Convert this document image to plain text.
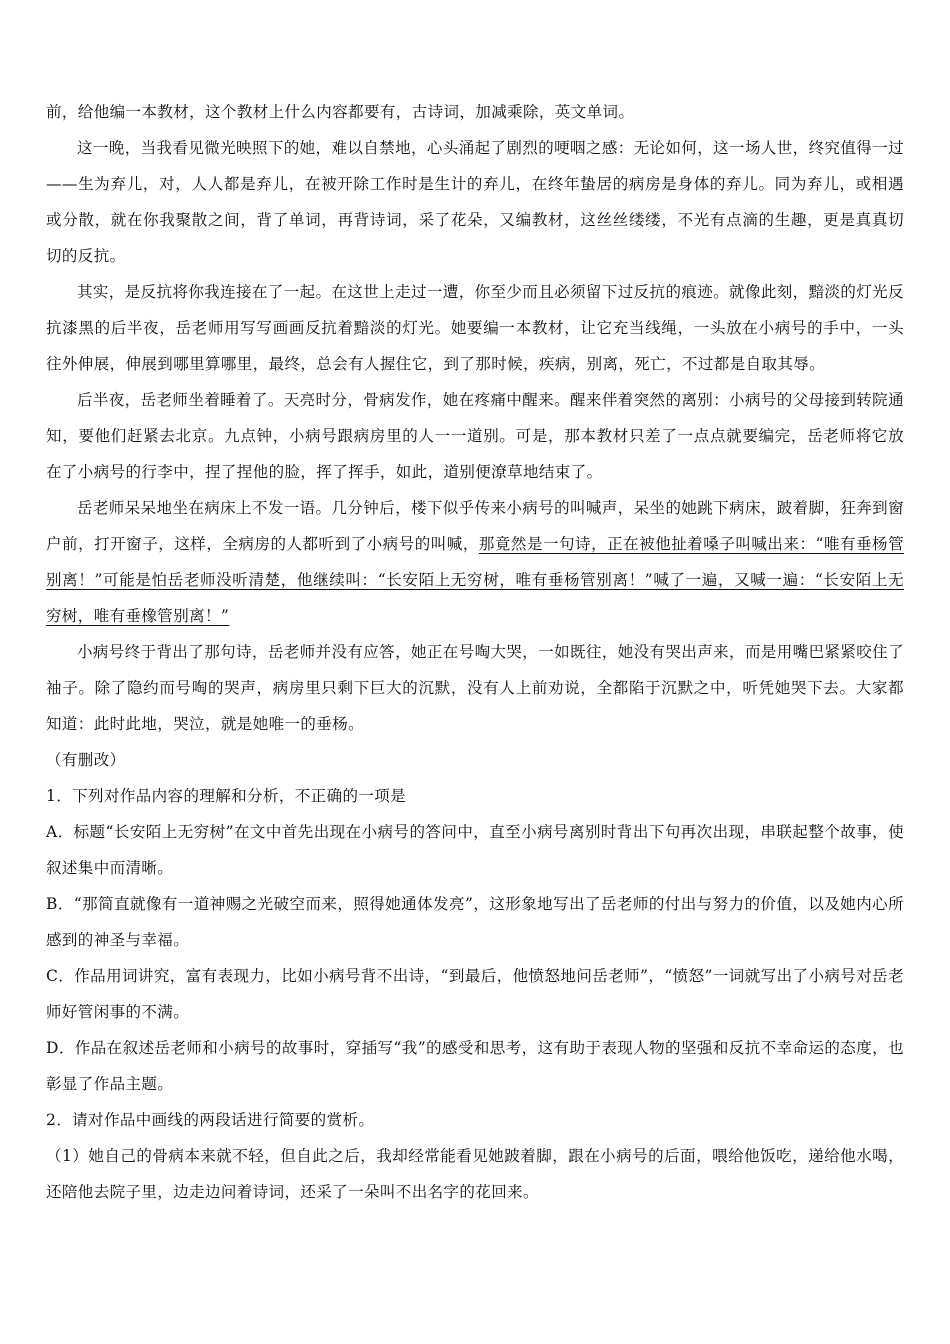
前，给他编一本教材，这个教材上什么内容都要有，古诗词，加减乘除，英文单词。

这一晚，当我看见微光映照下的她，难以自禁地，心头涌起了剧烈的哽咽之感：无论如何，这一场人世，终究值得一过——生为弃儿，对，人人都是弃儿，在被开除工作时是生计的弃儿，在终年蛰居的病房是身体的弃儿。同为弃儿，或相遇或分散，就在你我聚散之间，背了单词，再背诗词，采了花朵，又编教材，这丝丝缕缕，不光有点滴的生趣，更是真真切切的反抗。

其实，是反抗将你我连接在了一起。在这世上走过一遭，你至少而且必须留下过反抗的痕迹。就像此刻，黯淡的灯光反抗漆黑的后半夜，岳老师用写写画画反抗着黯淡的灯光。她要编一本教材，让它充当线绳，一头放在小病号的手中，一头往外伸展，伸展到哪里算哪里，最终，总会有人握住它，到了那时候，疾病，别离，死亡，不过都是自取其辱。

后半夜，岳老师坐着睡着了。天亮时分，骨病发作，她在疼痛中醒来。醒来伴着突然的离别：小病号的父母接到转院通知，要他们赶紧去北京。九点钟，小病号跟病房里的人一一道别。可是，那本教材只差了一点点就要编完，岳老师将它放在了小病号的行李中，捏了捏他的脸，挥了挥手，如此，道别便潦草地结束了。

岳老师呆呆地坐在病床上不发一语。几分钟后，楼下似乎传来小病号的叫喊声，呆坐的她跳下病床，跛着脚，狂奔到窗户前，打开窗子，这样，全病房的人都听到了小病号的叫喊，那竟然是一句诗，正在被他扯着嗓子叫喊出来：“唯有垂杨管别离！”可能是怕岳老师没听清楚，他继续叫：“长安陌上无穷树，唯有垂杨管别离！”喊了一遍，又喊一遍：“长安陌上无穷树，唯有垂橡管别离！”

小病号终于背出了那句诗，岳老师并没有应答，她正在号啕大哭，一如既往，她没有哭出声来，而是用嘴巴紧紧咬住了袖子。除了隐约而号啕的哭声，病房里只剩下巨大的沉默，没有人上前劝说，全都陷于沉默之中，听凭她哭下去。大家都知道：此时此地，哭泣，就是她唯一的垂杨。

（有删改）

1．下列对作品内容的理解和分析，不正确的一项是

A．标题“长安陌上无穷树”在文中首先出现在小病号的答问中，直至小病号离别时背出下句再次出现，串联起整个故事，使叙述集中而清晰。

B．“那简直就像有一道神赐之光破空而来，照得她通体发亮”，这形象地写出了岳老师的付出与努力的价值，以及她内心所感到的神圣与幸福。

C．作品用词讲究，富有表现力，比如小病号背不出诗，“到最后，他愤怒地问岳老师”，“愤怒”一词就写出了小病号对岳老师好管闲事的不满。

D．作品在叙述岳老师和小病号的故事时，穿插写“我”的感受和思考，这有助于表现人物的坚强和反抗不幸命运的态度，也彰显了作品主题。

2．请对作品中画线的两段话进行简要的赏析。

（1）她自己的骨病本来就不轻，但自此之后，我却经常能看见她跛着脚，跟在小病号的后面，喂给他饭吃，递给他水喝，还陪他去院子里，边走边问着诗词，还采了一朵叫不出名字的花回来。
